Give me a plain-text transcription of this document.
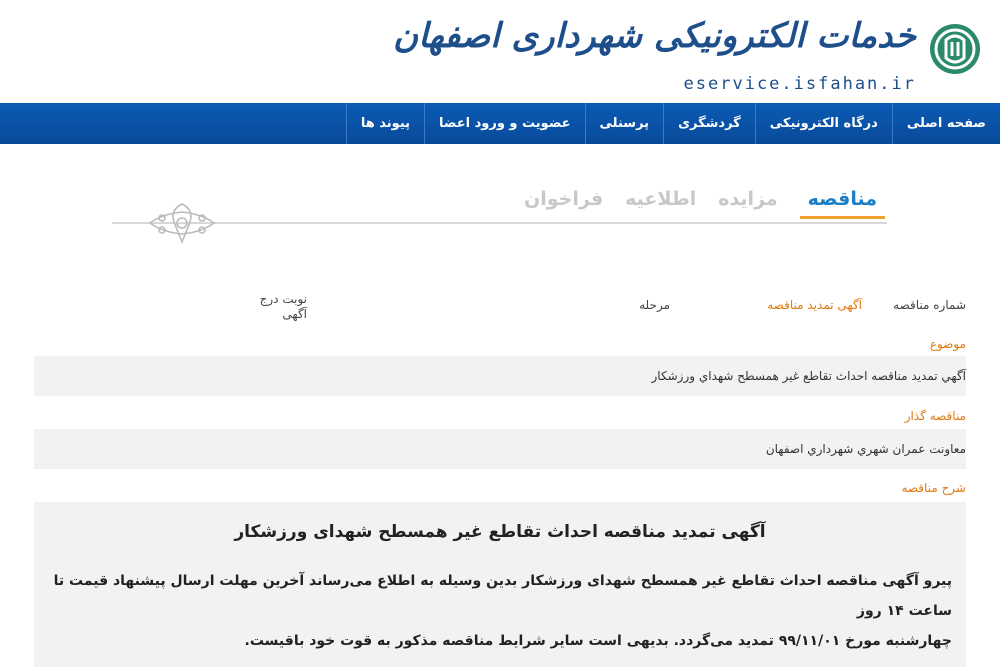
خدمات الکترونیکی شهرداری اصفهان
eservice.isfahan.ir
صفحه اصلی
درگاه الکترونیکی
گردشگری
پرسنلی
عضویت و ورود اعضا
پیوند ها
مناقصه
مزایده
اطلاعیه
فراخوان
شماره مناقصه
آگهی تمدید مناقصه
مرحله
نوبت درج
آگهی
موضوع
آگهي تمديد مناقصه احداث تقاطع غير همسطح شهداي ورزشکار
مناقصه گذار
معاونت عمران شهري شهرداري اصفهان
شرح مناقصه
آگهی تمدید مناقصه احداث تقاطع غیر همسطح شهدای ورزشکار
پیرو آگهی مناقصه احداث تقاطع غیر همسطح شهدای ورزشکار بدین وسیله به اطلاع می‌رساند آخرین مهلت ارسال پیشنهاد قیمت تا ساعت ۱۴ روز
چهارشنبه مورخ ۹۹/۱۱/۰۱ تمدید می‌گردد. بدیهی است سایر شرایط مناقصه مذکور به قوت خود باقیست.
